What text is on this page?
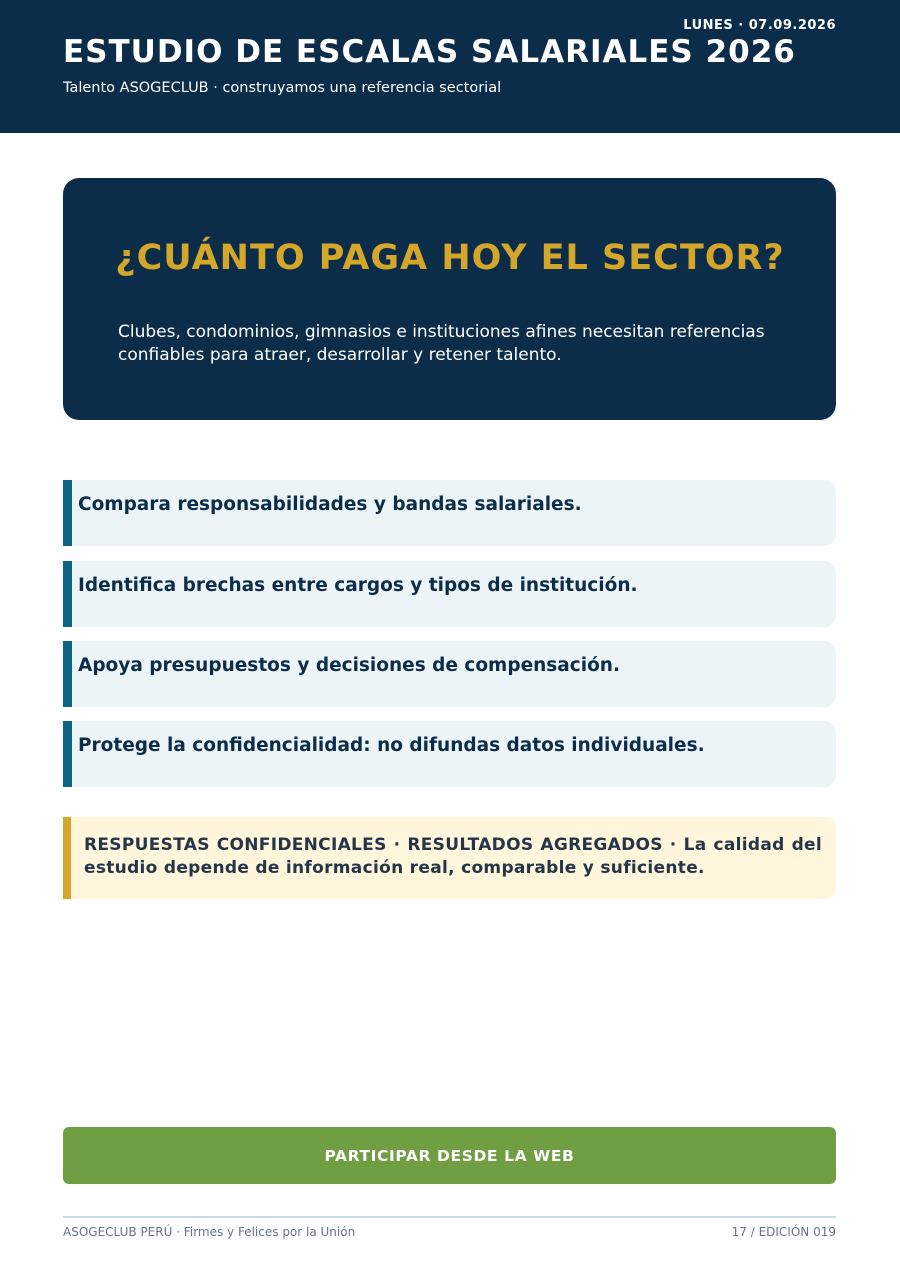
LUNES · 07.09.2026
ESTUDIO DE ESCALAS SALARIALES 2026
Talento ASOGECLUB · construyamos una referencia sectorial
¿CUÁNTO PAGA HOY EL SECTOR?

Clubes, condominios, gimnasios e instituciones afines necesitan referencias confiables para atraer, desarrollar y retener talento.

Compara responsabilidades y bandas salariales.
Identifica brechas entre cargos y tipos de institución.
Apoya presupuestos y decisiones de compensación.
Protege la confidencialidad: no difundas datos individuales.

RESPUESTAS CONFIDENCIALES · RESULTADOS AGREGADOS · La calidad del estudio depende de información real, comparable y suficiente.

PARTICIPAR DESDE LA WEB
ASOGECLUB PERÚ · Firmes y Felices por la Unión	17 / EDICIÓN 019
